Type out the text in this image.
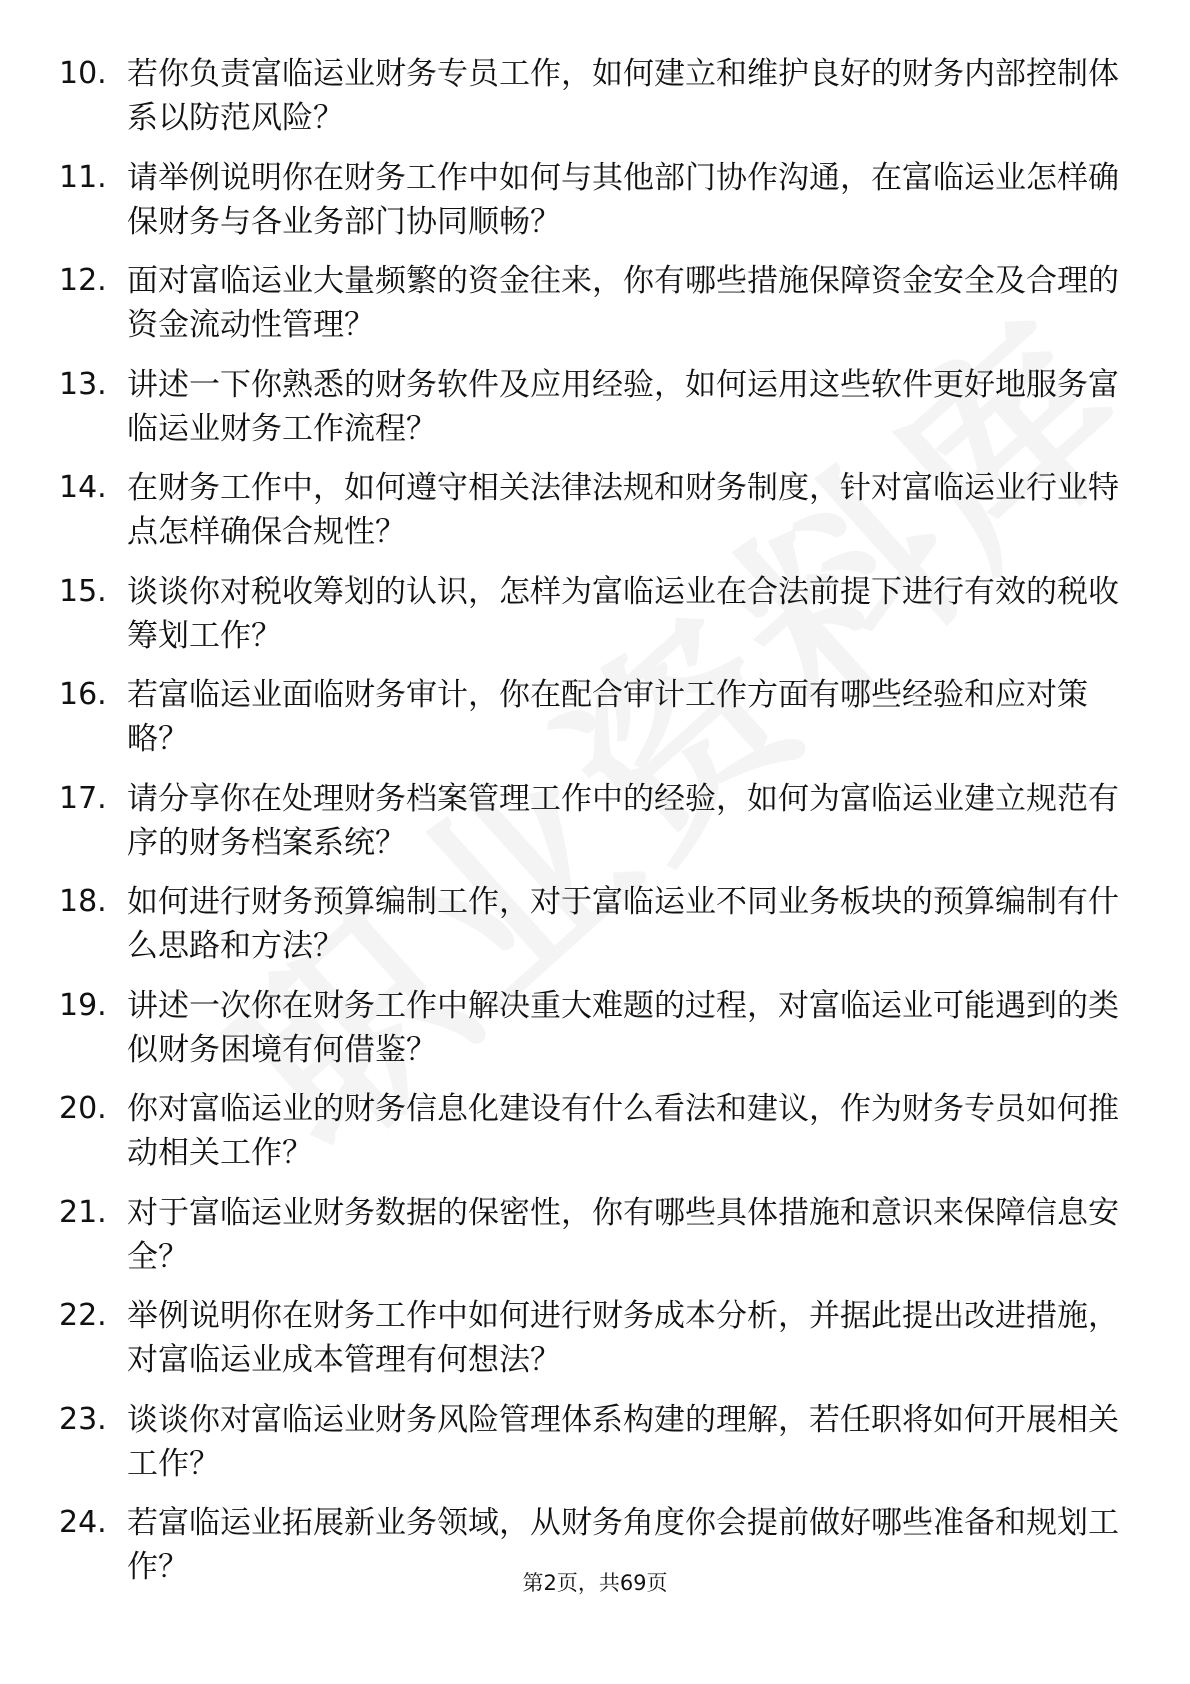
10. 若你负责富临运业财务专员工作，如何建立和维护良好的财务内部控制体系以防范风险？
11. 请举例说明你在财务工作中如何与其他部门协作沟通，在富临运业怎样确保财务与各业务部门协同顺畅？
12. 面对富临运业大量频繁的资金往来，你有哪些措施保障资金安全及合理的资金流动性管理？
13. 讲述一下你熟悉的财务软件及应用经验，如何运用这些软件更好地服务富临运业财务工作流程？
14. 在财务工作中，如何遵守相关法律法规和财务制度，针对富临运业行业特点怎样确保合规性？
15. 谈谈你对税收筹划的认识，怎样为富临运业在合法前提下进行有效的税收筹划工作？
16. 若富临运业面临财务审计，你在配合审计工作方面有哪些经验和应对策略？
17. 请分享你在处理财务档案管理工作中的经验，如何为富临运业建立规范有序的财务档案系统？
18. 如何进行财务预算编制工作，对于富临运业不同业务板块的预算编制有什么思路和方法？
19. 讲述一次你在财务工作中解决重大难题的过程，对富临运业可能遇到的类似财务困境有何借鉴？
20. 你对富临运业的财务信息化建设有什么看法和建议，作为财务专员如何推动相关工作？
21. 对于富临运业财务数据的保密性，你有哪些具体措施和意识来保障信息安全？
22. 举例说明你在财务工作中如何进行财务成本分析，并据此提出改进措施，对富临运业成本管理有何想法？
23. 谈谈你对富临运业财务风险管理体系构建的理解，若任职将如何开展相关工作？
24. 若富临运业拓展新业务领域，从财务角度你会提前做好哪些准备和规划工作？	第2页，共69页
